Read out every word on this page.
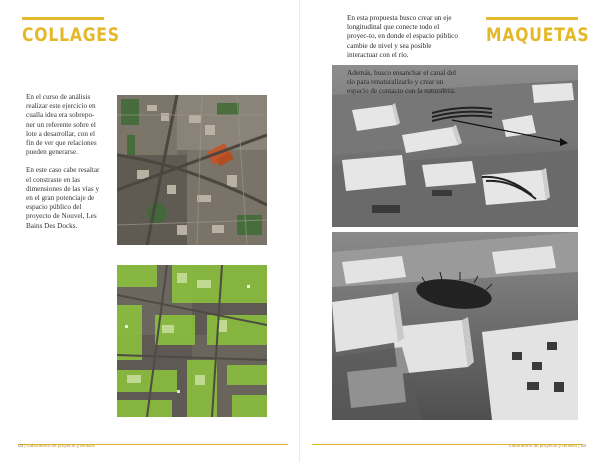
COLLAGES

En el curso de análisis realizar este ejercicio en cualla idea era sobrepo-ner un referente sobre el lote a desarrollar, con el fin de ver que relaciones pueden generarse.

En este caso cabe resaltar el constraste en las dimensiones de las vías y en el gran potenciaje de espacio público del proyecto de Nouvel, Les Bains Des Docks.

03 | Laboratorio de proyecto y tensión
MAQUETAS

En esta propuesta busco crear un eje longitudinal que conecte todo el proyec-to, en donde el espacio público cambie de nivel y sea posible interactuar con el río.

Además, busco ensanchar el canal del río para renaturalizarlo y crear un espacio de contacto con la naturaleza.

Laboratorio de proyecto y tensión | 04
